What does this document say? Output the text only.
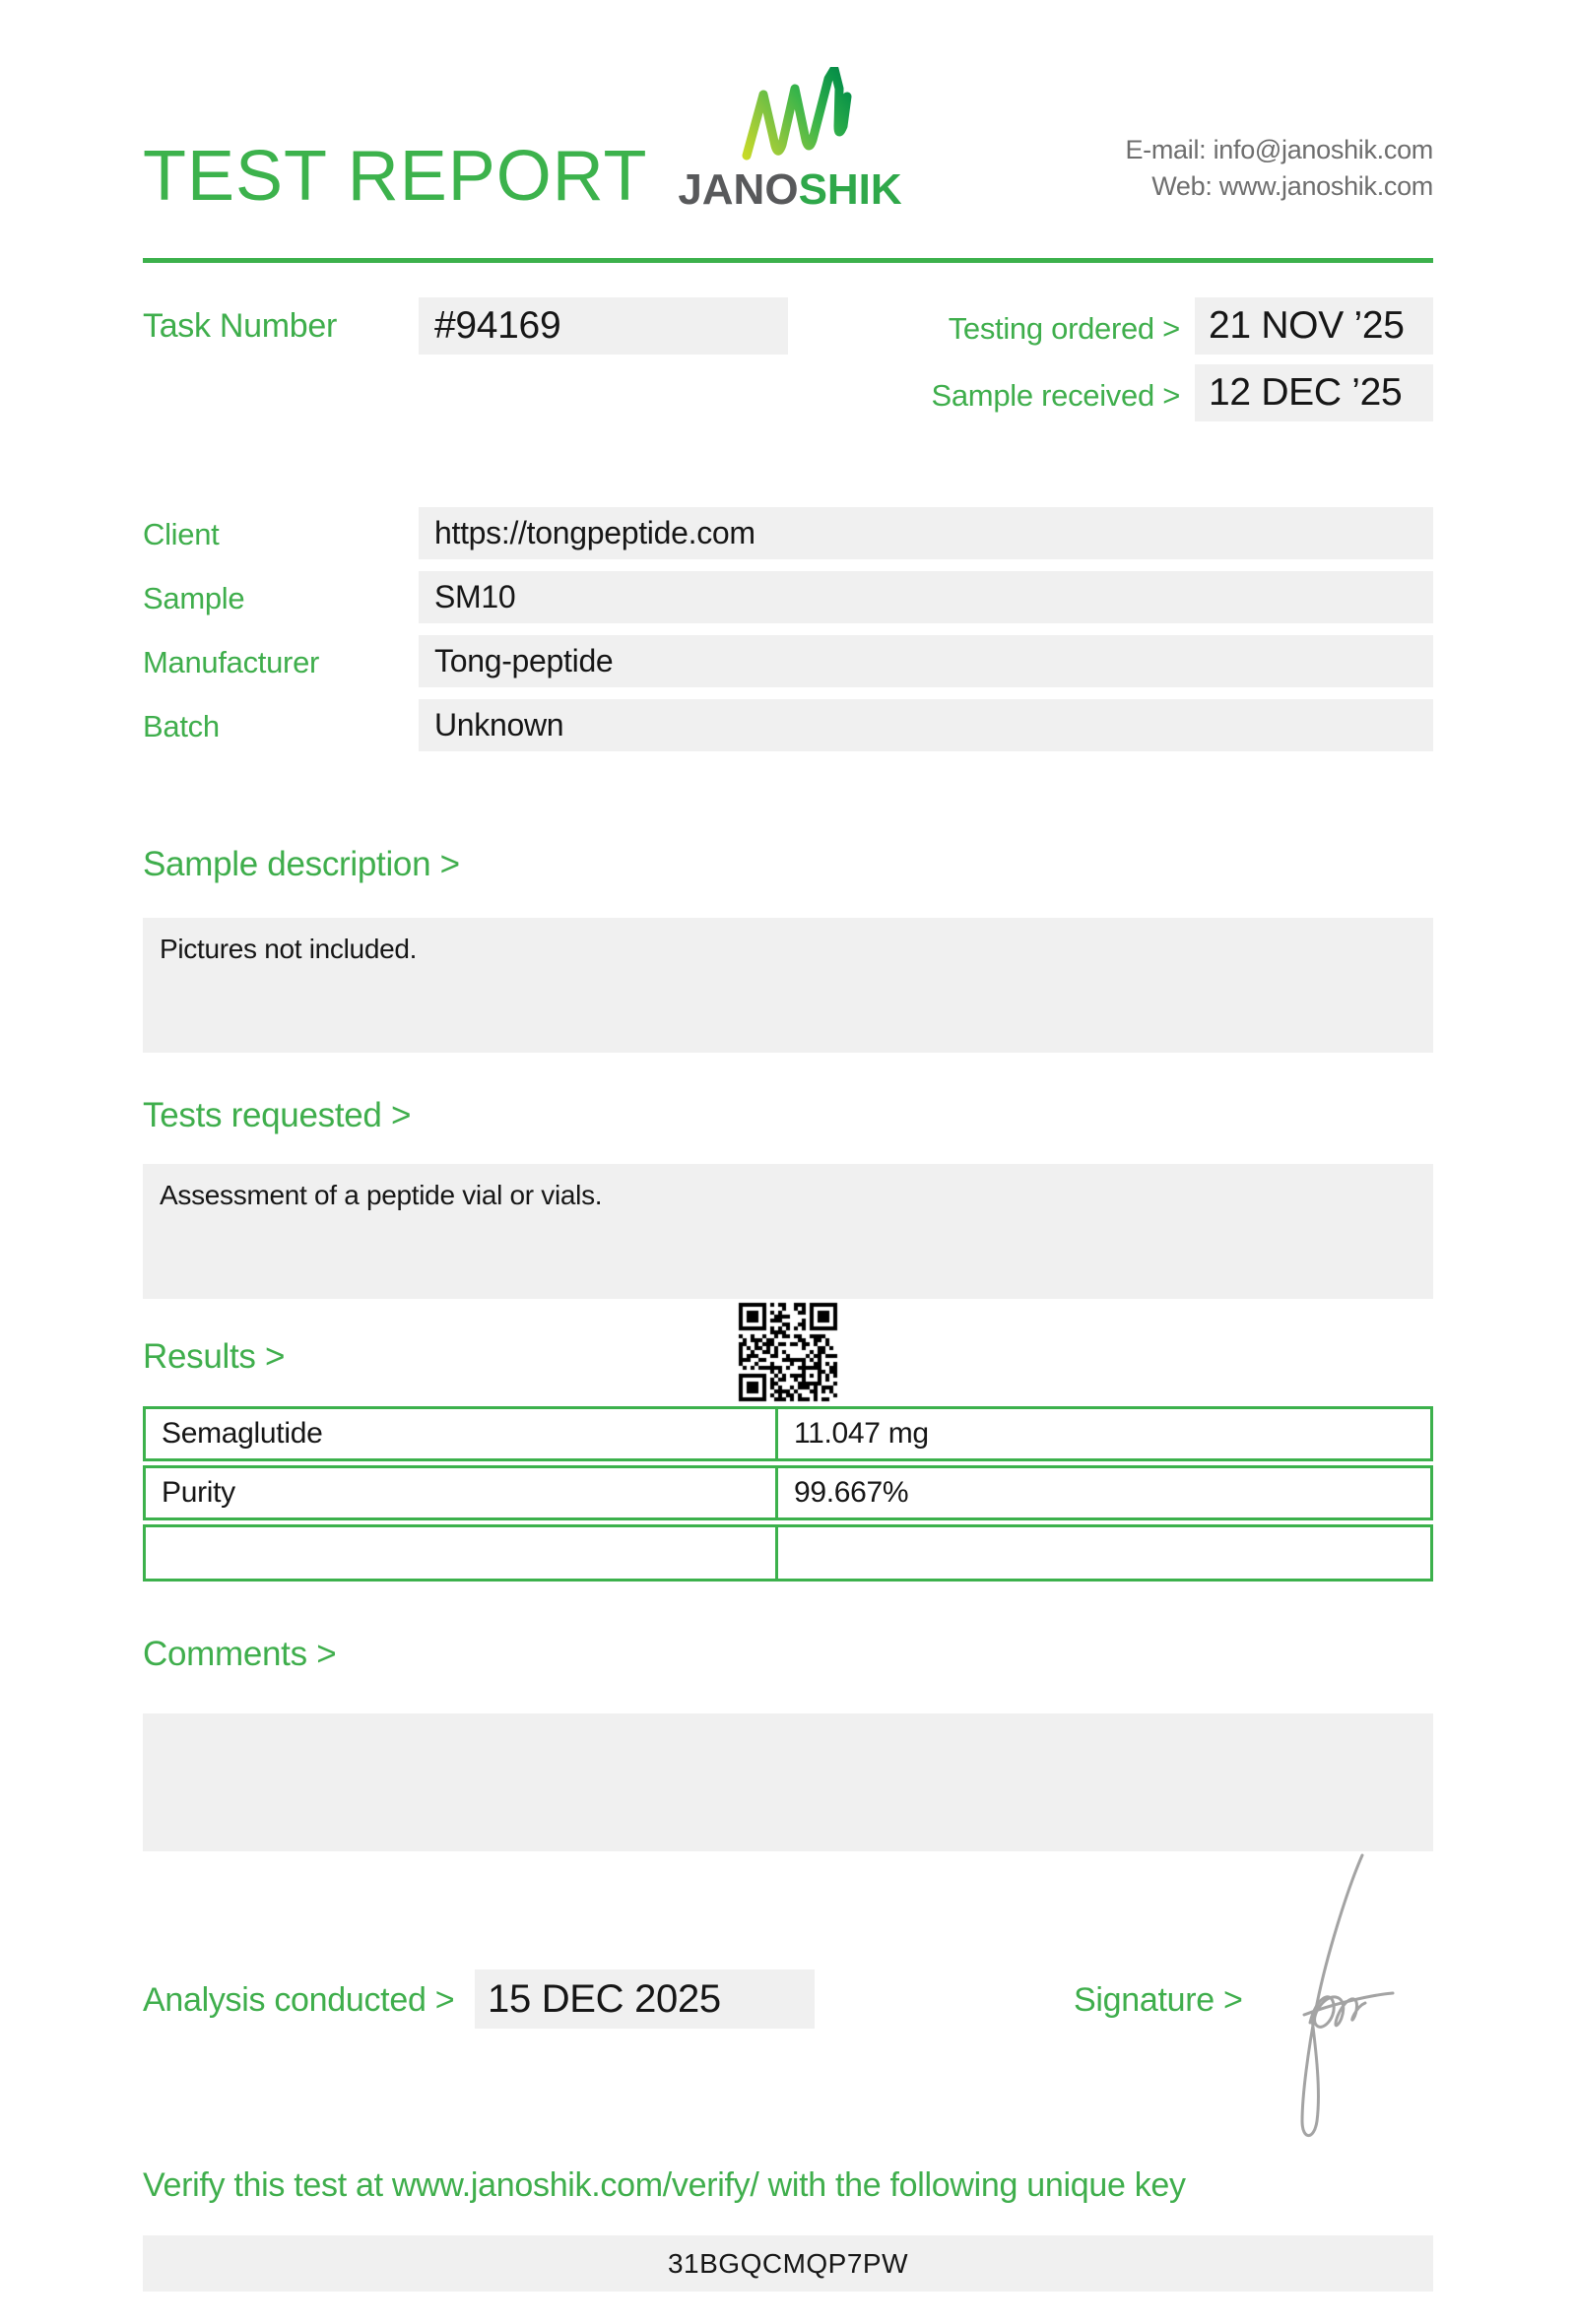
TEST REPORT JANOSHIK
E-mail: info@janoshik.com
Web: www.janoshik.com
Task Number	#94169	Testing ordered > 21 NOV ’25
Sample received > 12 DEC ’25
Client	https://tongpeptide.com
Sample	SM10
Manufacturer	Tong-peptide
Batch	Unknown
Sample description >
Pictures not included.
Tests requested >
Assessment of a peptide vial or vials.
Results >
Semaglutide	11.047 mg
Purity	99.667%
Comments >
Analysis conducted > 15 DEC 2025	Signature >
Verify this test at www.janoshik.com/verify/ with the following unique key
31BGQCMQP7PW
